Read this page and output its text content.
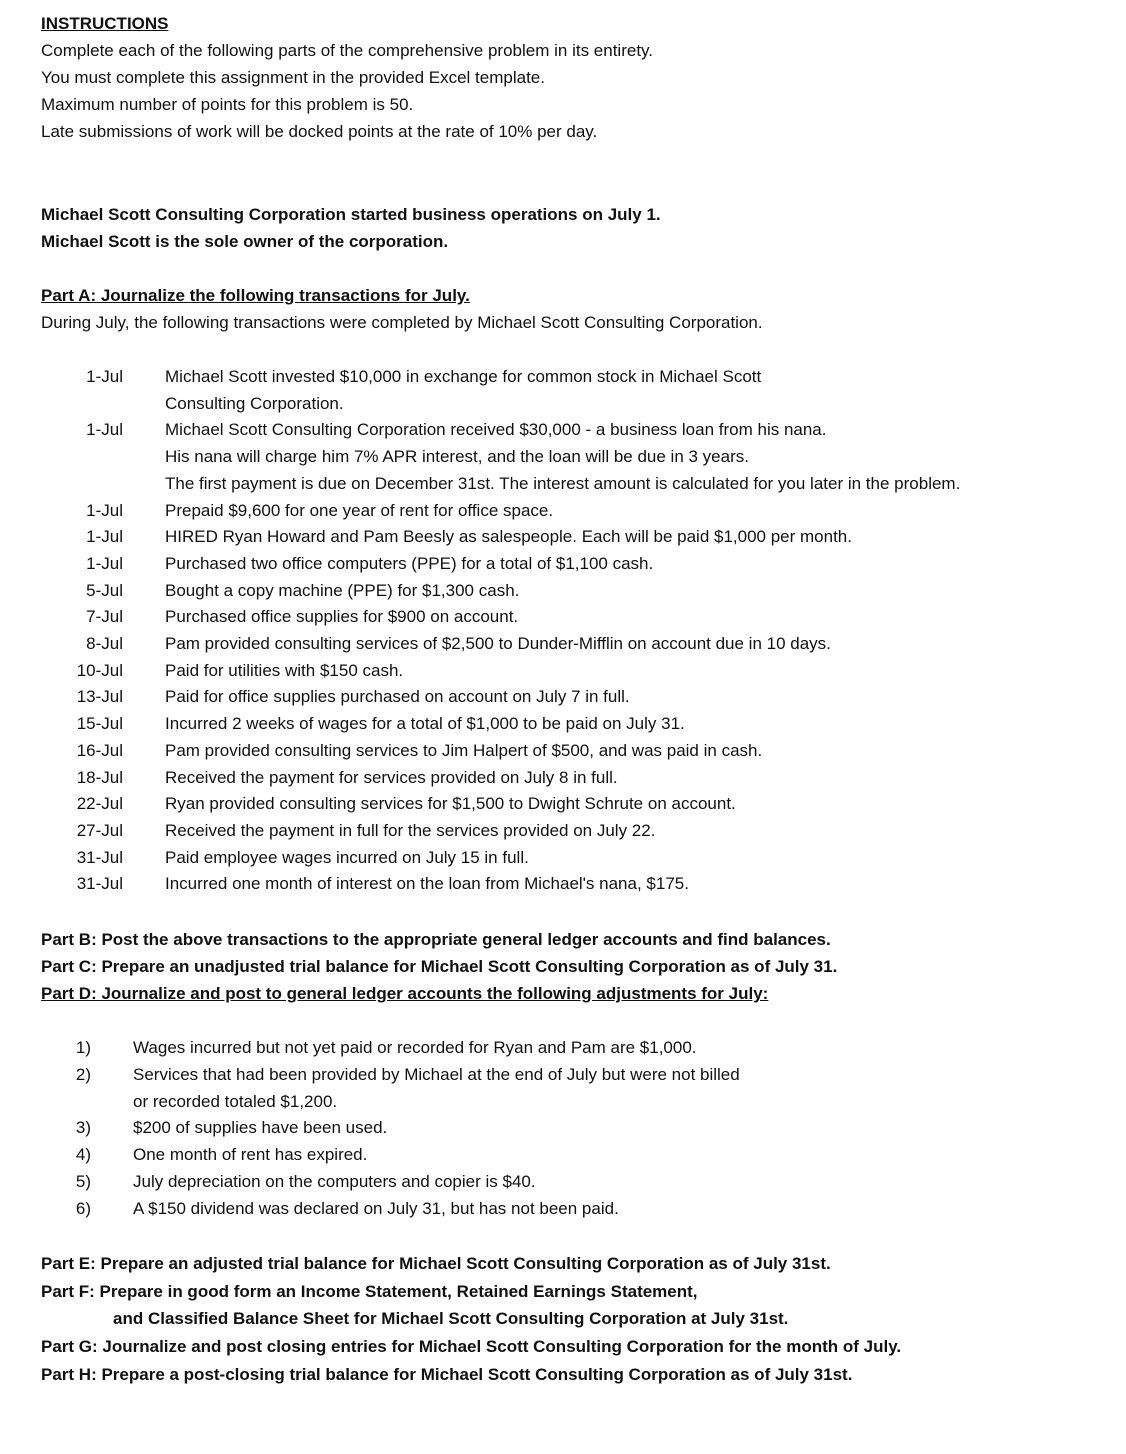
INSTRUCTIONS
Complete each of the following parts of the comprehensive problem in its entirety.
You must complete this assignment in the provided Excel template.
Maximum number of points for this problem is 50.
Late submissions of work will be docked points at the rate of 10% per day.
Michael Scott Consulting Corporation started business operations on July 1.
Michael Scott is the sole owner of the corporation.
Part A: Journalize the following transactions for July.
During July, the following transactions were completed by Michael Scott Consulting Corporation.
1-Jul Michael Scott invested $10,000 in exchange for common stock in Michael Scott
Consulting Corporation.
1-Jul Michael Scott Consulting Corporation received $30,000 - a business loan from his nana.
His nana will charge him 7% APR interest, and the loan will be due in 3 years.
The first payment is due on December 31st. The interest amount is calculated for you later in the problem.
1-Jul Prepaid $9,600 for one year of rent for office space.
1-Jul HIRED Ryan Howard and Pam Beesly as salespeople. Each will be paid $1,000 per month.
1-Jul Purchased two office computers (PPE) for a total of $1,100 cash.
5-Jul Bought a copy machine (PPE) for $1,300 cash.
7-Jul Purchased office supplies for $900 on account.
8-Jul Pam provided consulting services of $2,500 to Dunder-Mifflin on account due in 10 days.
10-Jul Paid for utilities with $150 cash.
13-Jul Paid for office supplies purchased on account on July 7 in full.
15-Jul Incurred 2 weeks of wages for a total of $1,000 to be paid on July 31.
16-Jul Pam provided consulting services to Jim Halpert of $500, and was paid in cash.
18-Jul Received the payment for services provided on July 8 in full.
22-Jul Ryan provided consulting services for $1,500 to Dwight Schrute on account.
27-Jul Received the payment in full for the services provided on July 22.
31-Jul Paid employee wages incurred on July 15 in full.
31-Jul Incurred one month of interest on the loan from Michael's nana, $175.
Part B: Post the above transactions to the appropriate general ledger accounts and find balances.
Part C: Prepare an unadjusted trial balance for Michael Scott Consulting Corporation as of July 31.
Part D: Journalize and post to general ledger accounts the following adjustments for July:
1) Wages incurred but not yet paid or recorded for Ryan and Pam are $1,000.
2) Services that had been provided by Michael at the end of July but were not billed
or recorded totaled $1,200.
3) $200 of supplies have been used.
4) One month of rent has expired.
5) July depreciation on the computers and copier is $40.
6) A $150 dividend was declared on July 31, but has not been paid.
Part E: Prepare an adjusted trial balance for Michael Scott Consulting Corporation as of July 31st.
Part F: Prepare in good form an Income Statement, Retained Earnings Statement,
and Classified Balance Sheet for Michael Scott Consulting Corporation at July 31st.
Part G: Journalize and post closing entries for Michael Scott Consulting Corporation for the month of July.
Part H: Prepare a post-closing trial balance for Michael Scott Consulting Corporation as of July 31st.
